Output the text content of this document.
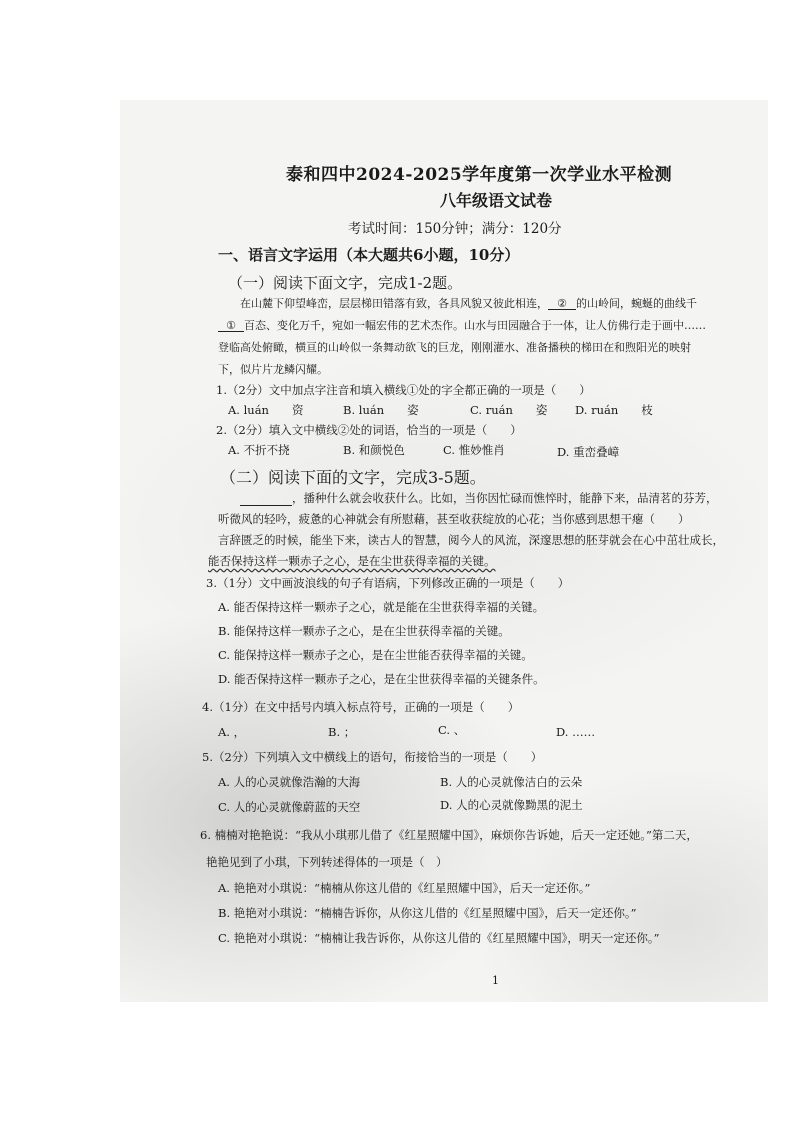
泰和四中2024-2025学年度第一次学业水平检测
八年级语文试卷
考试时间：150分钟；满分：120分
一、语言文字运用（本大题共6小题，10分）
（一）阅读下面文字，完成1-2题。
在山麓下仰望峰峦，层层梯田错落有致，各具风貌又彼此相连， ② 的山岭间，蜿蜒的曲线千
① 百态、变化万千，宛如一幅宏伟的艺术杰作。山水与田园融合于一体，让人仿佛行走于画中……
登临高处俯瞰，横亘的山岭似一条舞动欲飞的巨龙，刚刚灌水、准备播秧的梯田在和煦阳光的映射
下，似片片龙鳞闪耀。
1.（2分）文中加点字注音和填入横线①处的字全都正确的一项是（　　）
A. luán　　资	B. luán　　姿	C. ruán　　姿 D. ruán　　枝
2.（2分）填入文中横线②处的词语，恰当的一项是（　　）
A. 不折不挠	B. 和颜悦色	C. 惟妙惟肖	D. 重峦叠嶂
（二）阅读下面的文字，完成3-5题。
，播种什么就会收获什么。比如，当你因忙碌而憔悴时，能静下来，品清茗的芬芳，
听微风的轻吟，疲惫的心神就会有所慰藉，甚至收获绽放的心花；当你感到思想干瘪（　　）
言辞匮乏的时候，能坐下来，读古人的智慧，阅今人的风流，深邃思想的胚芽就会在心中茁壮成长，
能否保持这样一颗赤子之心，是在尘世获得幸福的关键。
3.（1分）文中画波浪线的句子有语病，下列修改正确的一项是（　　）
A. 能否保持这样一颗赤子之心，就是能在尘世获得幸福的关键。
B. 能保持这样一颗赤子之心，是在尘世获得幸福的关键。
C. 能保持这样一颗赤子之心，是在尘世能否获得幸福的关键。
D. 能否保持这样一颗赤子之心，是在尘世获得幸福的关键条件。
4.（1分）在文中括号内填入标点符号，正确的一项是（　　）
A. ，	B. ；	C. 、	D. ……
5.（2分）下列填入文中横线上的语句，衔接恰当的一项是（　　）
A. 人的心灵就像浩瀚的大海	B. 人的心灵就像洁白的云朵
C. 人的心灵就像蔚蓝的天空	D. 人的心灵就像黝黑的泥土
6. 楠楠对艳艳说：“我从小琪那儿借了《红星照耀中国》，麻烦你告诉她，后天一定还她。”第二天，
艳艳见到了小琪，下列转述得体的一项是（　）
A. 艳艳对小琪说：“楠楠从你这儿借的《红星照耀中国》，后天一定还你。”
B. 艳艳对小琪说：“楠楠告诉你，从你这儿借的《红星照耀中国》，后天一定还你。”
C. 艳艳对小琪说：“楠楠让我告诉你，从你这儿借的《红星照耀中国》，明天一定还你。”
1
